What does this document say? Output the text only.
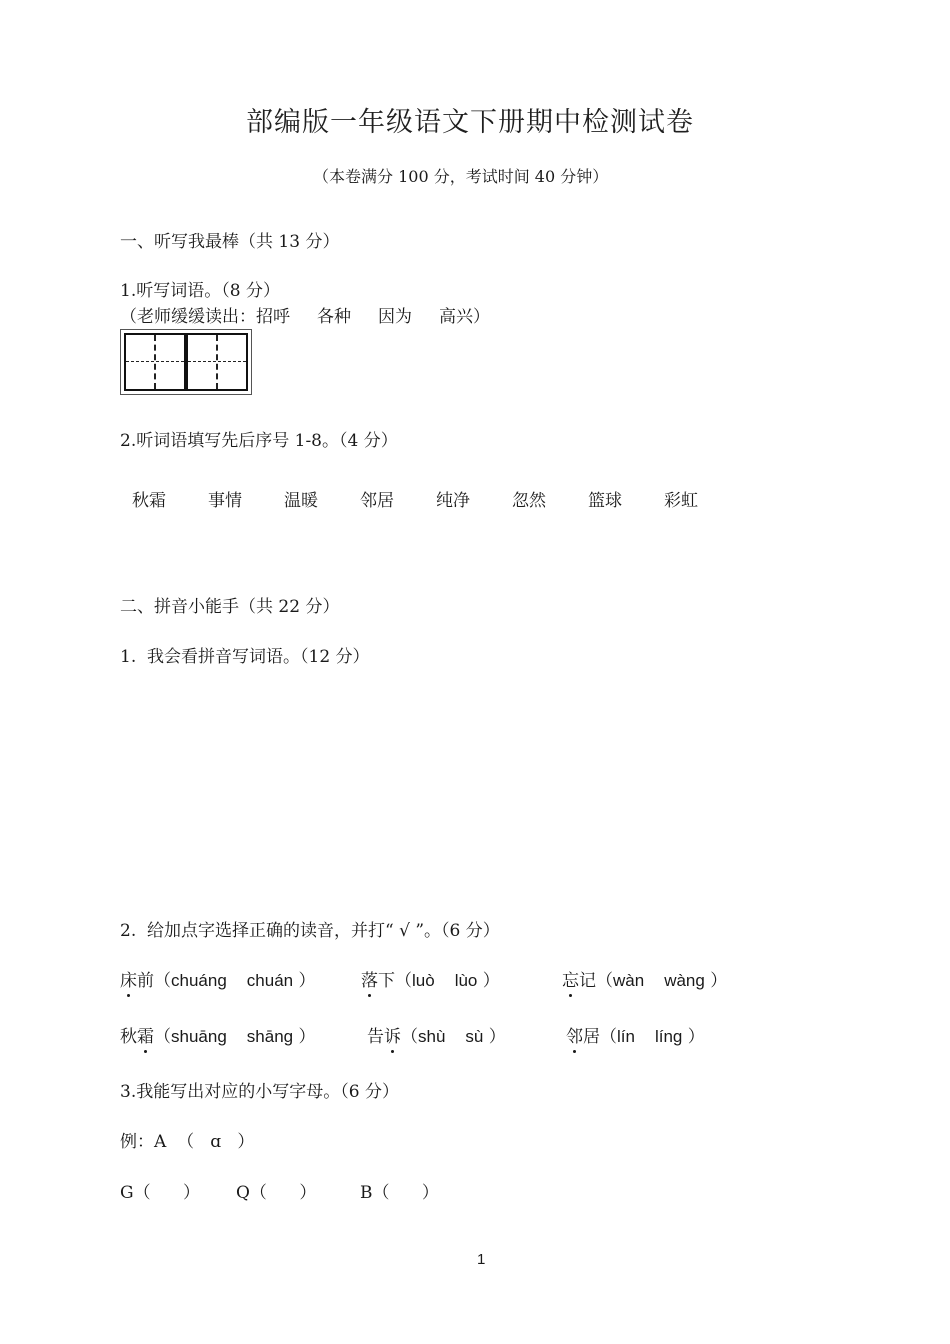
部编版一年级语文下册期中检测试卷
（本卷满分 100 分，考试时间 40 分钟）
一、听写我最棒（共 13 分）
1.听写词语。（8 分）
（老师缓缓读出：招呼     各种     因为     高兴）
2.听词语填写先后序号 1-8。（4 分）
秋霜 事情 温暖 邻居 纯净 忽然 篮球 彩虹
二、拼音小能手（共 22 分）
1.  我会看拼音写词语。（12 分）
2.  给加点字选择正确的读音，并打“ √ ”。（6 分）
床前（chuáng chuán ）	落下（luò lùo ）	忘记（wàn wàng ）
秋霜（shuāng shāng ）	告诉（shù sù ）	邻居（lín líng ）
3.我能写出对应的小写字母。（6 分）
例：A  （   ɑ   ）
G（      ） Q（      ）	B（      ）
1
